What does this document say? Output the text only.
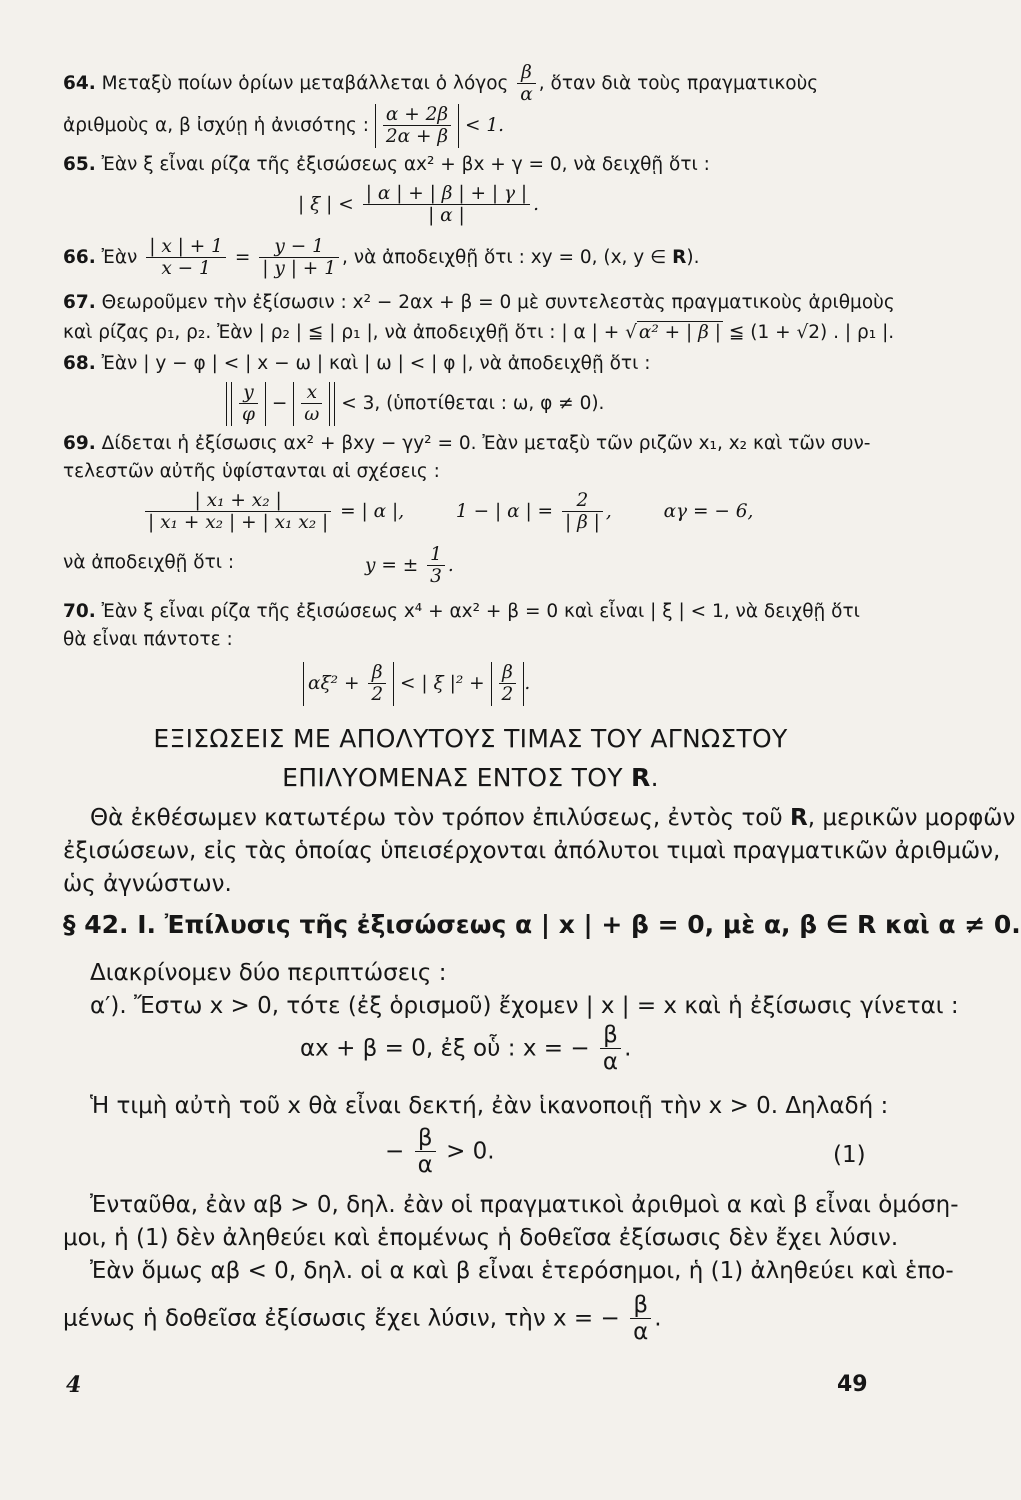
64. Μεταξὺ ποίων ὁρίων μεταβάλλεται ὁ λόγος $\frac{\beta}{\alpha}$ , ὅταν διὰ τοὺς πραγματικοὺς
ἀριθμοὺς α, β ἰσχύῃ ἡ ἀνισότης : $\frac{\alpha + 2\beta}{2\alpha + \beta} < 1$.
65. Ἐὰν ξ εἶναι ρίζα τῆς ἐξισώσεως αx² + βx + γ = 0, νὰ δειχθῇ ὅτι :
| ξ | < $\frac{| \alpha | + | \beta | + | \gamma |}{| \alpha |}$ .
66. Ἐὰν $\frac{| x | + 1}{x - 1} = \frac{y - 1}{| y | + 1}$ , νὰ ἀποδειχθῇ ὅτι : xy = 0, (x, y ∈ R).
67. Θεωροῦμεν τὴν ἐξίσωσιν : x² − 2αx + β = 0 μὲ συντελεστὰς πραγματικοὺς ἀριθμοὺς
καὶ ρίζας ρ₁, ρ₂. Ἐὰν | ρ₂ | ≦ | ρ₁ |, νὰ ἀποδειχθῇ ὅτι : | α | + √ α² + | β | ≦ (1 + √2) . | ρ₁ |.
68. Ἐὰν | y − φ | < | x − ω | καὶ | ω | < | φ |, νὰ ἀποδειχθῇ ὅτι :
$\frac{y}{\varphi} - \frac{x}{\omega} < 3$, (ὑποτίθεται : ω, φ ≠ 0).
69. Δίδεται ἡ ἐξίσωσις αx² + βxy − γy² = 0. Ἐὰν μεταξὺ τῶν ριζῶν x₁, x₂ καὶ τῶν συν-
τελεστῶν αὐτῆς ὑφίστανται αἱ σχέσεις :
$\frac{\text{| x₁ + x₂ |}}{\text{| x₁ + x₂ | + | x₁ x₂ |}}$ = | α |,	1 − | α | = $\frac{2}{| \beta |}$ ,	αγ = − 6,
νὰ ἀποδειχθῇ ὅτι :	y = ± $\frac{1}{3}$ .
70. Ἐὰν ξ εἶναι ρίζα τῆς ἐξισώσεως x⁴ + αx² + β = 0 καὶ εἶναι | ξ | < 1, νὰ δειχθῇ ὅτι
θὰ εἶναι πάντοτε :
$\alpha\xi^2 + \frac{\beta}{2}$ < | ξ $|^2 + \frac{\beta}{2}$ .
ΕΞΙΣΩΣΕΙΣ ΜΕ ΑΠΟΛΥΤΟΥΣ ΤΙΜΑΣ ΤΟΥ ΑΓΝΩΣΤΟΥ
ΕΠΙΛΥΟΜΕΝΑΣ ΕΝΤΟΣ ΤΟΥ R.
Θὰ ἐκθέσωμεν κατωτέρω τὸν τρόπον ἐπιλύσεως, ἐντὸς τοῦ R, μερικῶν μορφῶν
ἐξισώσεων, εἰς τὰς ὁποίας ὑπεισέρχονται ἀπόλυτοι τιμαὶ πραγματικῶν ἀριθμῶν,
ὡς ἀγνώστων.
§ 42. I. Ἐπίλυσις τῆς ἐξισώσεως α | x | + β = 0, μὲ α, β ∈ R καὶ α ≠ 0.
Διακρίνομεν δύο περιπτώσεις :
α′). Ἔστω x > 0, τότε (ἐξ ὁρισμοῦ) ἔχομεν | x | = x καὶ ἡ ἐξίσωσις γίνεται :
αx + β = 0, ἐξ οὗ : x = − $\frac{\beta}{\alpha}$ .
Ἡ τιμὴ αὐτὴ τοῦ x θὰ εἶναι δεκτή, ἐὰν ἱκανοποιῇ τὴν x > 0. Δηλαδή :
− $\frac{\beta}{\alpha} > 0$.	(1)
Ἐνταῦθα, ἐὰν αβ > 0, δηλ. ἐὰν οἱ πραγματικοὶ ἀριθμοὶ α καὶ β εἶναι ὁμόση-
μοι, ἡ (1) δὲν ἀληθεύει καὶ ἑπομένως ἡ δοθεῖσα ἐξίσωσις δὲν ἔχει λύσιν.
Ἐὰν ὅμως αβ < 0, δηλ. οἱ α καὶ β εἶναι ἑτερόσημοι, ἡ (1) ἀληθεύει καὶ ἑπο-
μένως ἡ δοθεῖσα ἐξίσωσις ἔχει λύσιν, τὴν x = − $\frac{\beta}{\alpha}$ .
4	49
